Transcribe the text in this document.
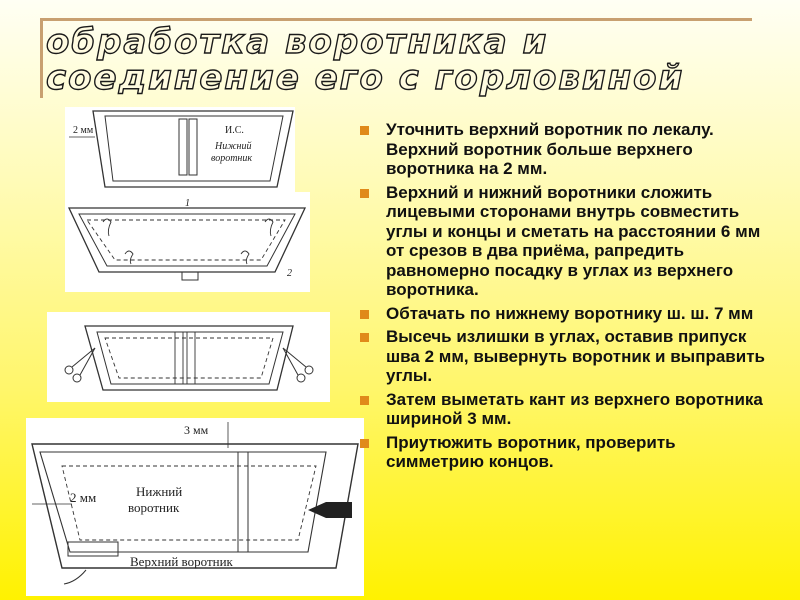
обработка воротника и
соединение его с горловиной
2 мм	И.С.
Нижний
воротник
1
2
3 мм
2 мм	Нижний
воротник
Верхний воротник
Уточнить верхний воротник по лекалу. Верхний воротник больше верхнего воротника на 2 мм.
Верхний и нижний воротники сложить лицевыми сторонами внутрь совместить углы и концы и сметать на расстоянии 6 мм от срезов в два приёма, рапредить равномерно посадку в углах из верхнего воротника.
Обтачать по нижнему воротнику ш. ш. 7 мм
Высечь излишки в углах, оставив припуск шва 2 мм, вывернуть воротник и выправить углы.
Затем выметать кант из верхнего воротника шириной 3 мм.
Приутюжить воротник, проверить симметрию концов.
